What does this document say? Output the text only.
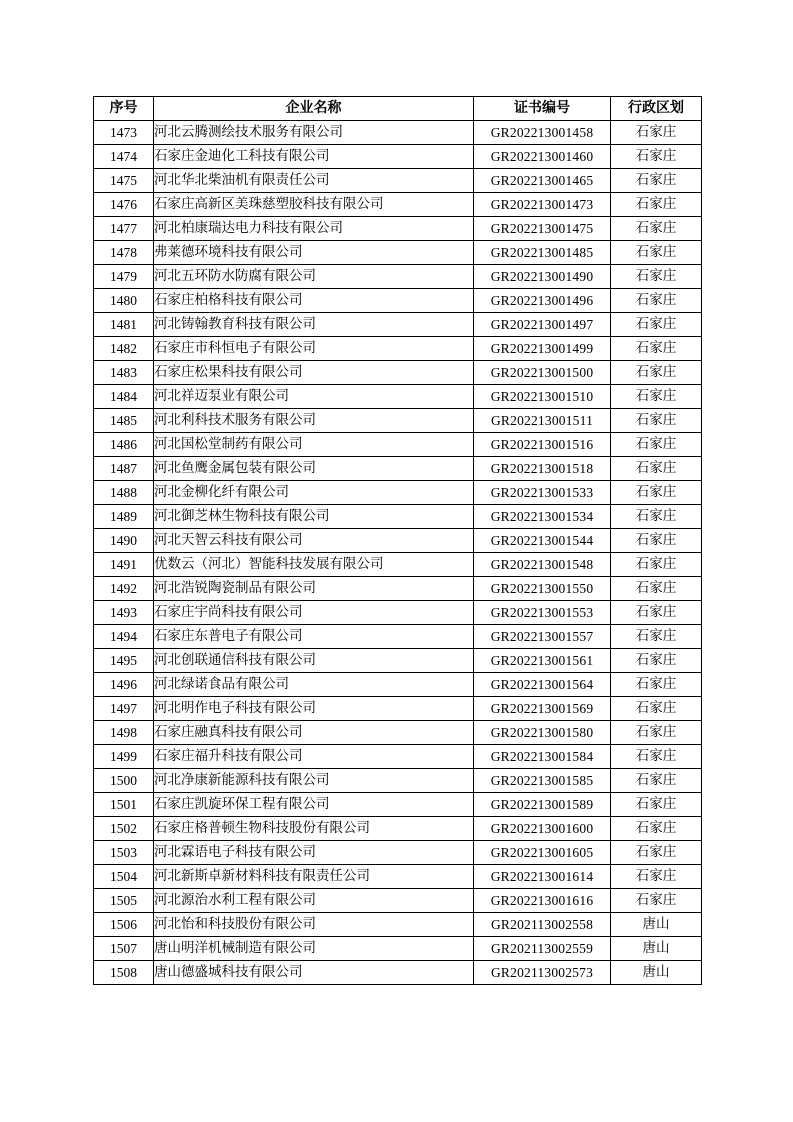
序号	企业名称	证书编号	行政区划
1473	河北云腾测绘技术服务有限公司	GR202213001458	石家庄
1474	石家庄金迪化工科技有限公司	GR202213001460	石家庄
1475	河北华北柴油机有限责任公司	GR202213001465	石家庄
1476	石家庄高新区美珠慈塑胶科技有限公司	GR202213001473	石家庄
1477	河北柏康瑞达电力科技有限公司	GR202213001475	石家庄
1478	弗莱德环境科技有限公司	GR202213001485	石家庄
1479	河北五环防水防腐有限公司	GR202213001490	石家庄
1480	石家庄柏格科技有限公司	GR202213001496	石家庄
1481	河北铸翰教育科技有限公司	GR202213001497	石家庄
1482	石家庄市科恒电子有限公司	GR202213001499	石家庄
1483	石家庄松果科技有限公司	GR202213001500	石家庄
1484	河北祥迈泵业有限公司	GR202213001510	石家庄
1485	河北利科技术服务有限公司	GR202213001511	石家庄
1486	河北国松堂制药有限公司	GR202213001516	石家庄
1487	河北鱼鹰金属包装有限公司	GR202213001518	石家庄
1488	河北金柳化纤有限公司	GR202213001533	石家庄
1489	河北御芝林生物科技有限公司	GR202213001534	石家庄
1490	河北天智云科技有限公司	GR202213001544	石家庄
1491	优数云（河北）智能科技发展有限公司	GR202213001548	石家庄
1492	河北浩锐陶瓷制品有限公司	GR202213001550	石家庄
1493	石家庄宇尚科技有限公司	GR202213001553	石家庄
1494	石家庄东普电子有限公司	GR202213001557	石家庄
1495	河北创联通信科技有限公司	GR202213001561	石家庄
1496	河北绿诺食品有限公司	GR202213001564	石家庄
1497	河北明作电子科技有限公司	GR202213001569	石家庄
1498	石家庄融真科技有限公司	GR202213001580	石家庄
1499	石家庄福升科技有限公司	GR202213001584	石家庄
1500	河北净康新能源科技有限公司	GR202213001585	石家庄
1501	石家庄凯旋环保工程有限公司	GR202213001589	石家庄
1502	石家庄格普顿生物科技股份有限公司	GR202213001600	石家庄
1503	河北霖语电子科技有限公司	GR202213001605	石家庄
1504	河北新斯卓新材料科技有限责任公司	GR202213001614	石家庄
1505	河北源治水利工程有限公司	GR202213001616	石家庄
1506	河北怡和科技股份有限公司	GR202113002558	唐山
1507	唐山明洋机械制造有限公司	GR202113002559	唐山
1508	唐山德盛城科技有限公司	GR202113002573	唐山
